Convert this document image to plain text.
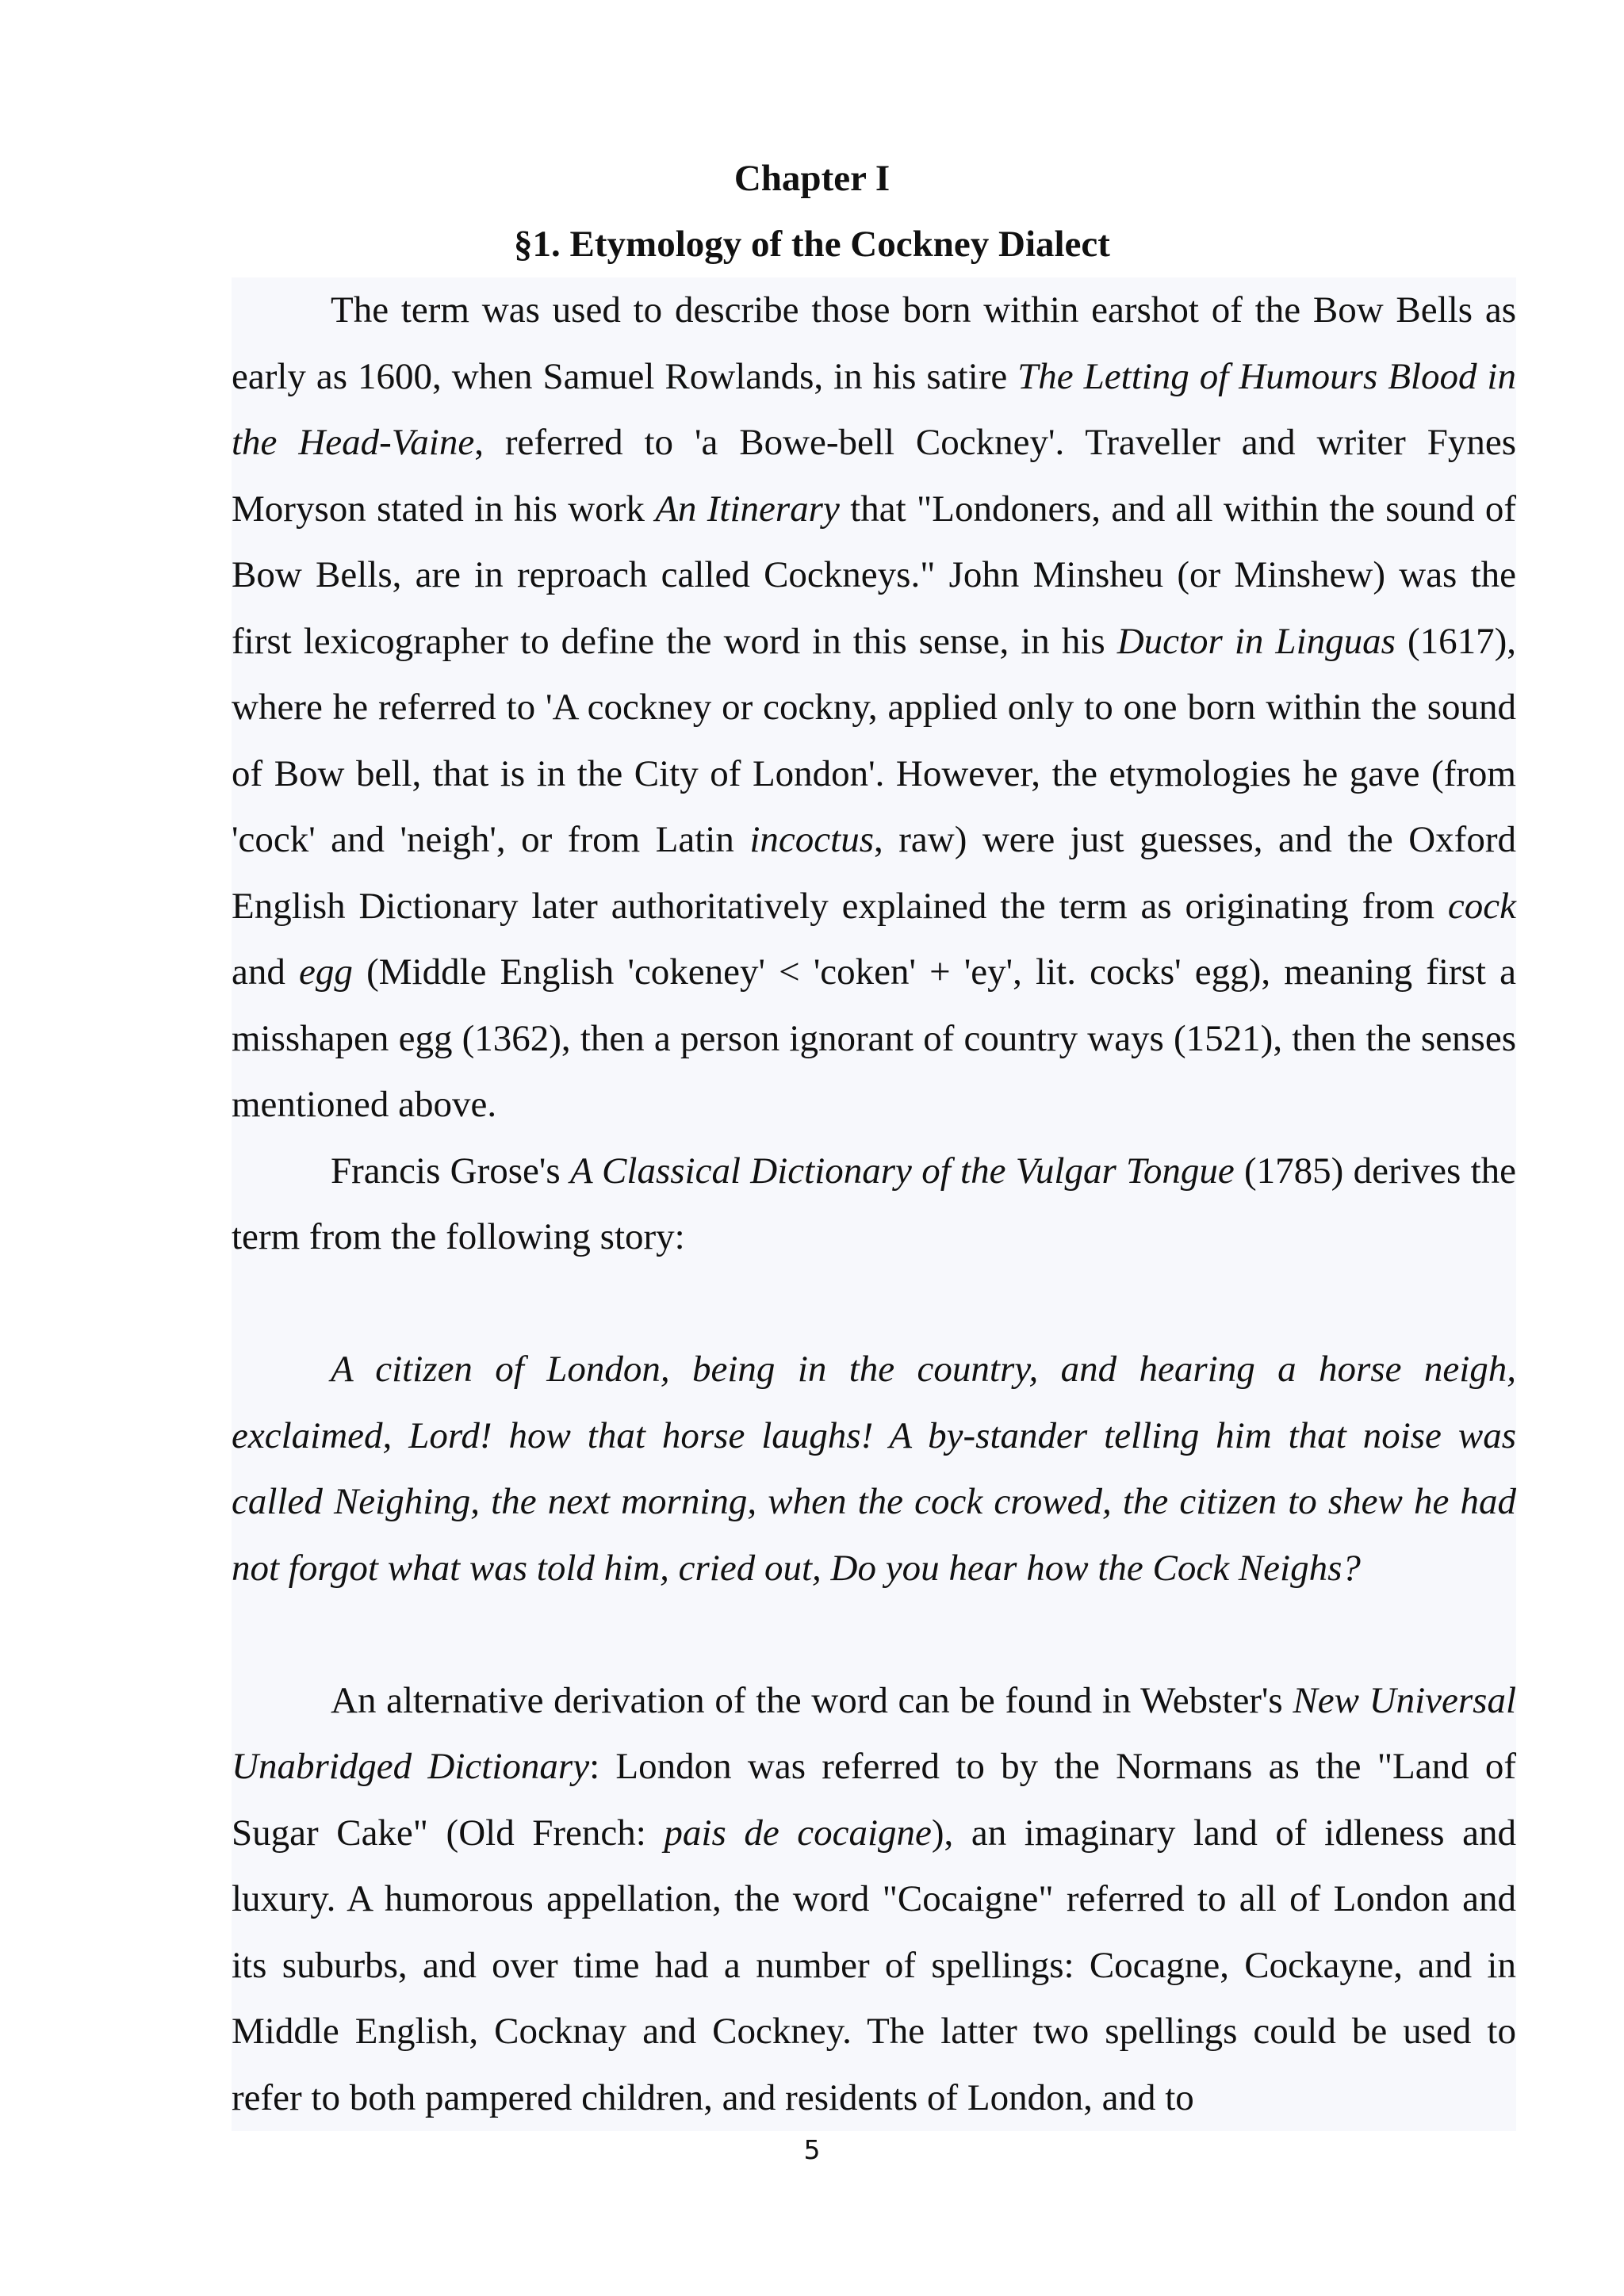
Chapter I
§1. Etymology of the Cockney Dialect

The term was used to describe those born within earshot of the Bow Bells as early as 1600, when Samuel Rowlands, in his satire The Letting of Humours Blood in the Head-Vaine, referred to 'a Bowe-bell Cockney'. Traveller and writer Fynes Moryson stated in his work An Itinerary that "Londoners, and all within the sound of Bow Bells, are in reproach called Cockneys." John Minsheu (or Minshew) was the first lexicographer to define the word in this sense, in his Ductor in Linguas (1617), where he referred to 'A cockney or cockny, applied only to one born within the sound of Bow bell, that is in the City of London'. However, the etymologies he gave (from 'cock' and 'neigh', or from Latin incoctus, raw) were just guesses, and the Oxford English Dictionary later authoritatively explained the term as originating from cock and egg (Middle English 'cokeney' < 'coken' + 'ey', lit. cocks' egg), meaning first a misshapen egg (1362), then a person ignorant of country ways (1521), then the senses mentioned above.

Francis Grose's A Classical Dictionary of the Vulgar Tongue (1785) derives the term from the following story:

A citizen of London, being in the country, and hearing a horse neigh, exclaimed, Lord! how that horse laughs! A by-stander telling him that noise was called Neighing, the next morning, when the cock crowed, the citizen to shew he had not forgot what was told him, cried out, Do you hear how the Cock Neighs?

An alternative derivation of the word can be found in Webster's New Universal Unabridged Dictionary: London was referred to by the Normans as the "Land of Sugar Cake" (Old French: pais de cocaigne), an imaginary land of idleness and luxury. A humorous appellation, the word "Cocaigne" referred to all of London and its suburbs, and over time had a number of spellings: Cocagne, Cockayne, and in Middle English, Cocknay and Cockney. The latter two spellings could be used to refer to both pampered children, and residents of London, and to

5
